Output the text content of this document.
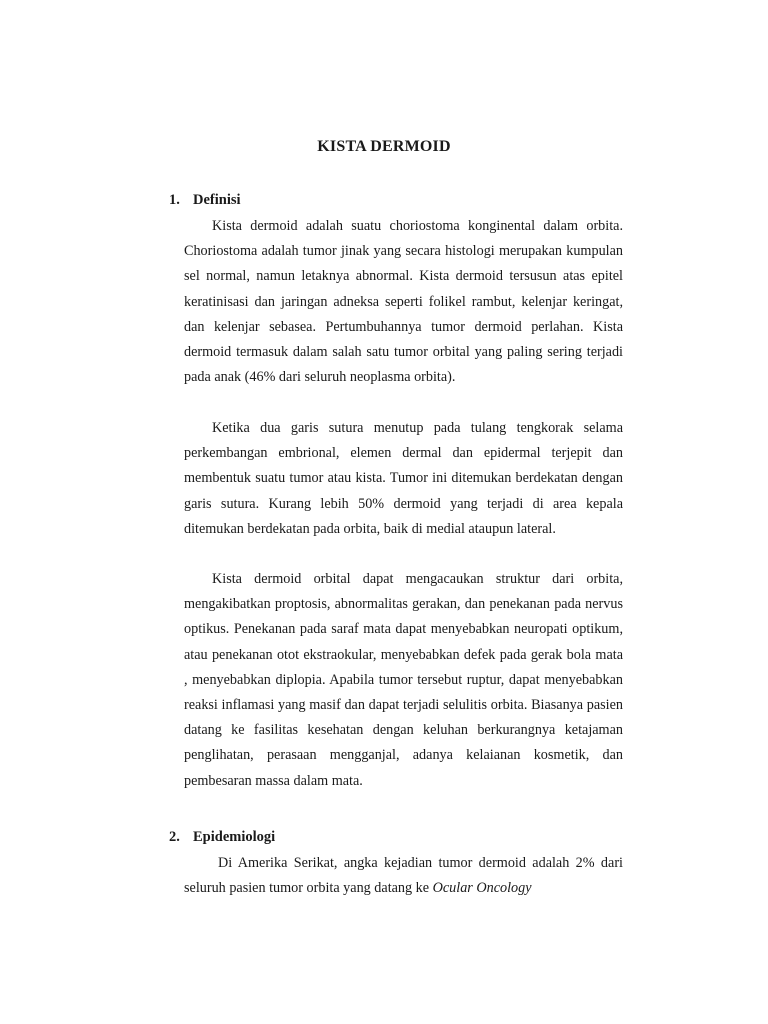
KISTA DERMOID
1. Definisi

Kista dermoid adalah suatu choriostoma konginental dalam orbita. Choriostoma adalah tumor jinak yang secara histologi merupakan kumpulan sel normal, namun letaknya abnormal. Kista dermoid tersusun atas epitel keratinisasi dan jaringan adneksa seperti folikel rambut, kelenjar keringat, dan kelenjar sebasea. Pertumbuhannya tumor dermoid perlahan. Kista dermoid termasuk dalam salah satu tumor orbital yang paling sering terjadi pada anak (46% dari seluruh neoplasma orbita).

Ketika dua garis sutura menutup pada tulang tengkorak selama perkembangan embrional, elemen dermal dan epidermal terjepit dan membentuk suatu tumor atau kista. Tumor ini ditemukan berdekatan dengan garis sutura. Kurang lebih 50% dermoid yang terjadi di area kepala ditemukan berdekatan pada orbita, baik di medial ataupun lateral.

Kista dermoid orbital dapat mengacaukan struktur dari orbita, mengakibatkan proptosis, abnormalitas gerakan, dan penekanan pada nervus optikus. Penekanan pada saraf mata dapat menyebabkan neuropati optikum, atau penekanan otot ekstraokular, menyebabkan defek pada gerak bola mata , menyebabkan diplopia. Apabila tumor tersebut ruptur, dapat menyebabkan reaksi inflamasi yang masif dan dapat terjadi selulitis orbita. Biasanya pasien datang ke fasilitas kesehatan dengan keluhan berkurangnya ketajaman penglihatan, perasaan mengganjal, adanya kelaianan kosmetik, dan pembesaran massa dalam mata.

2. Epidemiologi

Di Amerika Serikat, angka kejadian tumor dermoid adalah 2% dari seluruh pasien tumor orbita yang datang ke Ocular Oncology
